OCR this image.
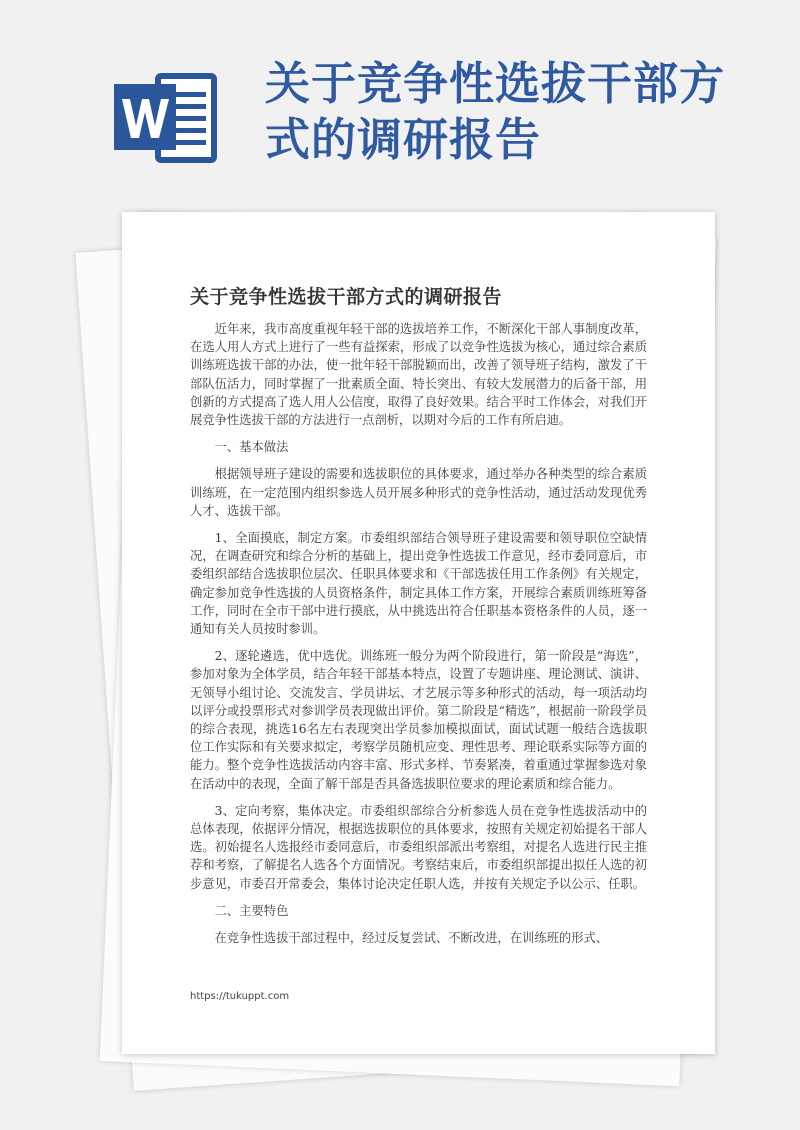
关于竞争性选拔干部方式的调研报告
关于竞争性选拔干部方式的调研报告

近年来，我市高度重视年轻干部的选拔培养工作，不断深化干部人事制度改革，在选人用人方式上进行了一些有益探索，形成了以竞争性选拔为核心，通过综合素质训练班选拔干部的办法，使一批年轻干部脱颖而出，改善了领导班子结构，激发了干部队伍活力，同时掌握了一批素质全面、特长突出、有较大发展潜力的后备干部，用创新的方式提高了选人用人公信度，取得了良好效果。结合平时工作体会，对我们开展竞争性选拔干部的方法进行一点剖析，以期对今后的工作有所启迪。

一、基本做法

根据领导班子建设的需要和选拔职位的具体要求，通过举办各种类型的综合素质训练班，在一定范围内组织参选人员开展多种形式的竞争性活动，通过活动发现优秀人才、选拔干部。

1、全面摸底，制定方案。市委组织部结合领导班子建设需要和领导职位空缺情况，在调查研究和综合分析的基础上，提出竞争性选拔工作意见，经市委同意后，市委组织部结合选拔职位层次、任职具体要求和《干部选拔任用工作条例》有关规定，确定参加竞争性选拔的人员资格条件，制定具体工作方案，开展综合素质训练班筹备工作，同时在全市干部中进行摸底，从中挑选出符合任职基本资格条件的人员，逐一通知有关人员按时参训。

2、逐轮遴选，优中选优。训练班一般分为两个阶段进行，第一阶段是“海选”，参加对象为全体学员，结合年轻干部基本特点，设置了专题讲座、理论测试、演讲、无领导小组讨论、交流发言、学员讲坛、才艺展示等多种形式的活动，每一项活动均以评分或投票形式对参训学员表现做出评价。第二阶段是“精选”，根据前一阶段学员的综合表现，挑选16名左右表现突出学员参加模拟面试，面试试题一般结合选拔职位工作实际和有关要求拟定，考察学员随机应变、理性思考、理论联系实际等方面的能力。整个竞争性选拔活动内容丰富、形式多样、节奏紧凑，着重通过掌握参选对象在活动中的表现，全面了解干部是否具备选拔职位要求的理论素质和综合能力。

3、定向考察，集体决定。市委组织部综合分析参选人员在竞争性选拔活动中的总体表现，依据评分情况，根据选拔职位的具体要求，按照有关规定初始提名干部人选。初始提名人选报经市委同意后，市委组织部派出考察组，对提名人选进行民主推荐和考察，了解提名人选各个方面情况。考察结束后，市委组织部提出拟任人选的初步意见，市委召开常委会，集体讨论决定任职人选，并按有关规定予以公示、任职。

二、主要特色

在竞争性选拔干部过程中，经过反复尝试、不断改进，在训练班的形式、

https://tukuppt.com
